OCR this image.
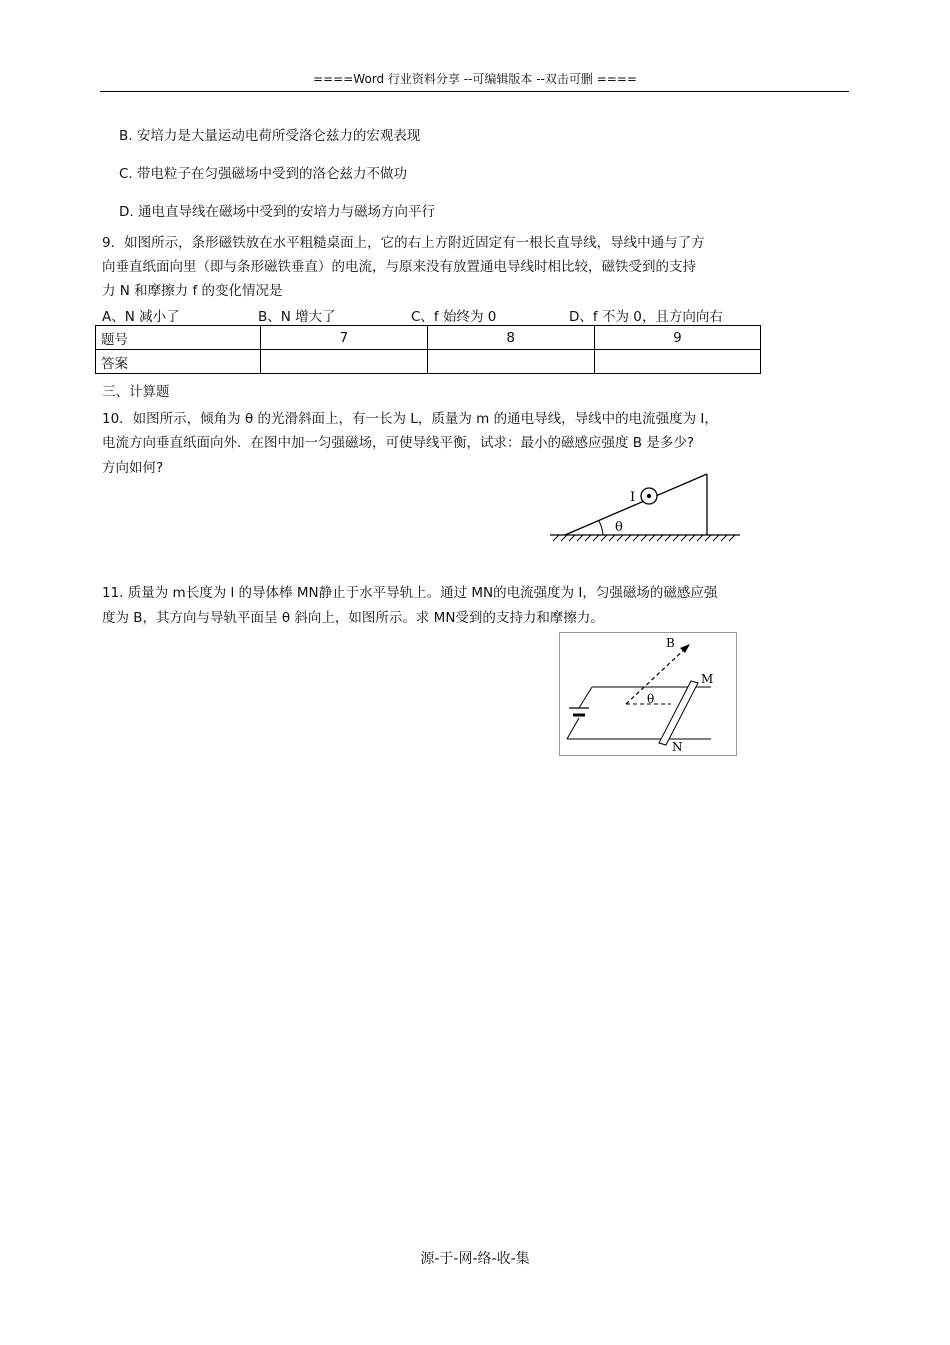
====Word 行业资料分享 --可编辑版本 --双击可删 ====
B. 安培力是大量运动电荷所受洛仑兹力的宏观表现
C. 带电粒子在匀强磁场中受到的洛仑兹力不做功
D. 通电直导线在磁场中受到的安培力与磁场方向平行
9．如图所示，条形磁铁放在水平粗糙桌面上，它的右上方附近固定有一根长直导线，导线中通与了方
向垂直纸面向里（即与条形磁铁垂直）的电流，与原来没有放置通电导线时相比较，磁铁受到的支持
力 N 和摩擦力 f 的变化情况是
A、N 减小了	B、N 增大了	C、f 始终为 0	D、f 不为 0，且方向向右
题号	7	8	9
答案			
三、计算题
10．如图所示，倾角为 θ 的光滑斜面上，有一长为 L，质量为 m 的通电导线，导线中的电流强度为 I，
电流方向垂直纸面向外．在图中加一匀强磁场，可使导线平衡，试求：最小的磁感应强度 B 是多少?
方向如何?
θ
I
11. 质量为 m长度为 l 的导体棒 MN静止于水平导轨上。通过 MN的电流强度为 I，匀强磁场的磁感应强
度为 B，其方向与导轨平面呈 θ 斜向上，如图所示。求 MN受到的支持力和摩擦力。
θ
B
M
N
源-于-网-络-收-集
